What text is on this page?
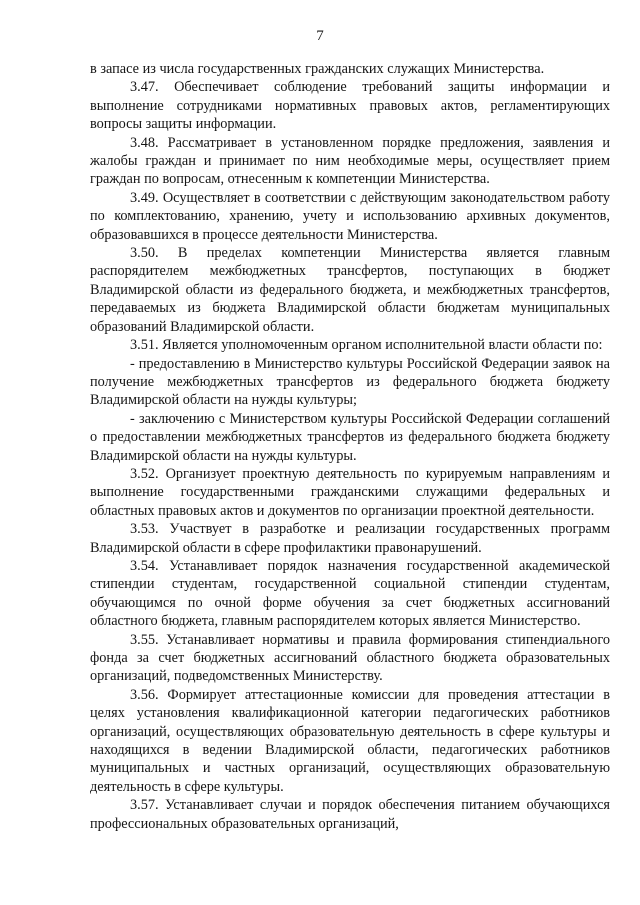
7

в запасе из числа государственных гражданских служащих Министерства.

3.47. Обеспечивает соблюдение требований защиты информации и выполнение сотрудниками нормативных правовых актов, регламентирующих вопросы защиты информации.

3.48. Рассматривает в установленном порядке предложения, заявления и жалобы граждан и принимает по ним необходимые меры, осуществляет прием граждан по вопросам, отнесенным к компетенции Министерства.

3.49. Осуществляет в соответствии с действующим законодательством работу по комплектованию, хранению, учету и использованию архивных документов, образовавшихся в процессе деятельности Министерства.

3.50. В пределах компетенции Министерства является главным распорядителем межбюджетных трансфертов, поступающих в бюджет Владимирской области из федерального бюджета, и межбюджетных трансфертов, передаваемых из бюджета Владимирской области бюджетам муниципальных образований Владимирской области.

3.51. Является уполномоченным органом исполнительной власти области по:

- предоставлению в Министерство культуры Российской Федерации заявок на получение межбюджетных трансфертов из федерального бюджета бюджету Владимирской области на нужды культуры;

- заключению с Министерством культуры Российской Федерации соглашений о предоставлении межбюджетных трансфертов из федерального бюджета бюджету Владимирской области на нужды культуры.

3.52. Организует проектную деятельность по курируемым направлениям и выполнение государственными гражданскими служащими федеральных и областных правовых актов и документов по организации проектной деятельности.

3.53. Участвует в разработке и реализации государственных программ Владимирской области в сфере профилактики правонарушений.

3.54. Устанавливает порядок назначения государственной академической стипендии студентам, государственной социальной стипендии студентам, обучающимся по очной форме обучения за счет бюджетных ассигнований областного бюджета, главным распорядителем которых является Министерство.

3.55. Устанавливает нормативы и правила формирования стипендиального фонда за счет бюджетных ассигнований областного бюджета образовательных организаций, подведомственных Министерству.

3.56. Формирует аттестационные комиссии для проведения аттестации в целях установления квалификационной категории педагогических работников организаций, осуществляющих образовательную деятельность в сфере культуры и находящихся в ведении Владимирской области, педагогических работников муниципальных и частных организаций, осуществляющих образовательную деятельность в сфере культуры.

3.57. Устанавливает случаи и порядок обеспечения питанием обучающихся профессиональных образовательных организаций,
